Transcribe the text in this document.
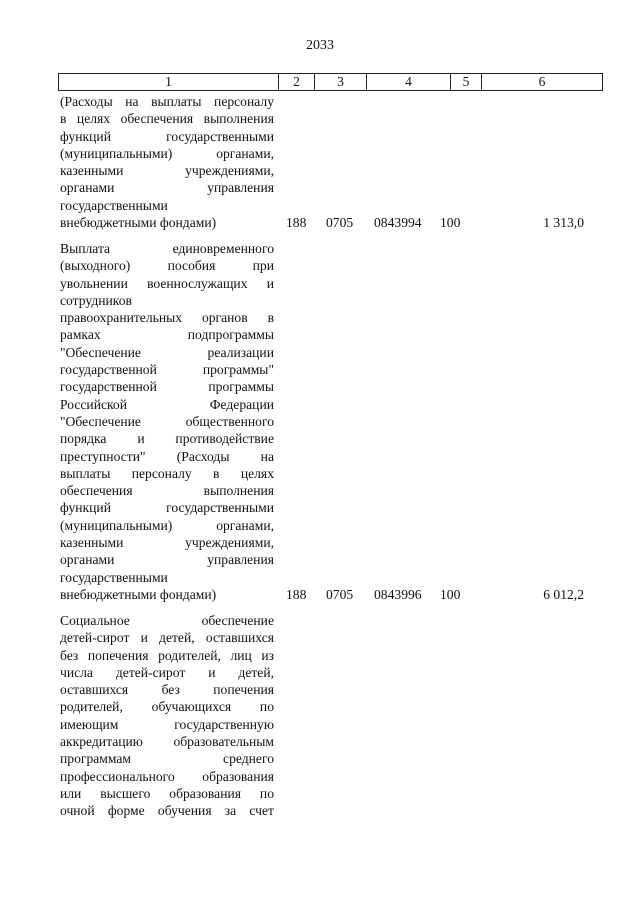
2033
1	2	3	4	5	6
(Расходы на выплаты персоналу
в целях обеспечения выполнения
функций государственными
(муниципальными) органами,
казенными учреждениями,
органами управления
государственными
внебюджетными фондами)	188 0705 0843994 100	1 313,0
Выплата единовременного
(выходного) пособия при
увольнении военнослужащих и
сотрудников
правоохранительных органов в
рамках подпрограммы
"Обеспечение реализации
государственной программы"
государственной программы
Российской Федерации
"Обеспечение общественного
порядка и противодействие
преступности" (Расходы на
выплаты персоналу в целях
обеспечения выполнения
функций государственными
(муниципальными) органами,
казенными учреждениями,
органами управления
государственными
внебюджетными фондами)	188 0705 0843996 100	6 012,2
Социальное обеспечение
детей-сирот и детей, оставшихся
без попечения родителей, лиц из
числа детей-сирот и детей,
оставшихся без попечения
родителей, обучающихся по
имеющим государственную
аккредитацию образовательным
программам среднего
профессионального образования
или высшего образования по
очной форме обучения за счет
